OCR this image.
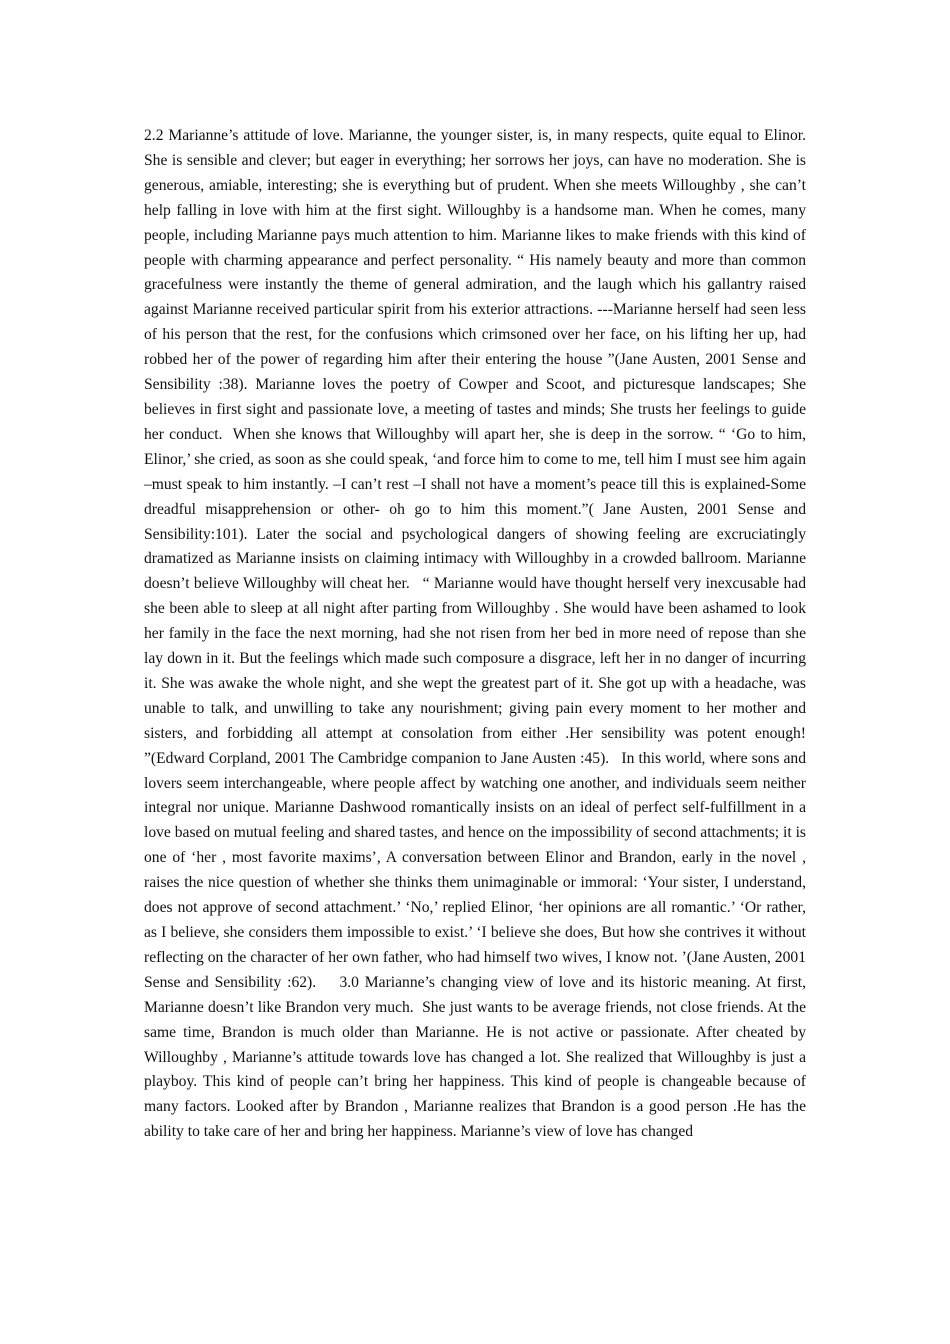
2.2 Marianne’s attitude of love. Marianne, the younger sister, is, in many respects, quite equal to Elinor. She is sensible and clever; but eager in everything; her sorrows her joys, can have no moderation. She is generous, amiable, interesting; she is everything but of prudent. When she meets Willoughby , she can’t help falling in love with him at the first sight. Willoughby is a handsome man. When he comes, many people, including Marianne pays much attention to him. Marianne likes to make friends with this kind of people with charming appearance and perfect personality. “ His namely beauty and more than common gracefulness were instantly the theme of general admiration, and the laugh which his gallantry raised against Marianne received particular spirit from his exterior attractions. ---Marianne herself had seen less of his person that the rest, for the confusions which crimsoned over her face, on his lifting her up, had robbed her of the power of regarding him after their entering the house ”(Jane Austen, 2001 Sense and Sensibility :38). Marianne loves the poetry of Cowper and Scoot, and picturesque landscapes; She believes in first sight and passionate love, a meeting of tastes and minds; She trusts her feelings to guide her conduct.  When she knows that Willoughby will apart her, she is deep in the sorrow. “ ‘Go to him, Elinor,’ she cried, as soon as she could speak, ‘and force him to come to me, tell him I must see him again –must speak to him instantly. –I can’t rest –I shall not have a moment’s peace till this is explained-Some dreadful misapprehension or other- oh go to him this moment.”( Jane Austen, 2001 Sense and Sensibility:101). Later the social and psychological dangers of showing feeling are excruciatingly dramatized as Marianne insists on claiming intimacy with Willoughby in a crowded ballroom. Marianne doesn’t believe Willoughby will cheat her.   “ Marianne would have thought herself very inexcusable had she been able to sleep at all night after parting from Willoughby . She would have been ashamed to look her family in the face the next morning, had she not risen from her bed in more need of repose than she lay down in it. But the feelings which made such composure a disgrace, left her in no danger of incurring it. She was awake the whole night, and she wept the greatest part of it. She got up with a headache, was unable to talk, and unwilling to take any nourishment; giving pain every moment to her mother and sisters, and forbidding all attempt at consolation from either .Her sensibility was potent enough! ”(Edward Corpland, 2001 The Cambridge companion to Jane Austen :45).   In this world, where sons and lovers seem interchangeable, where people affect by watching one another, and individuals seem neither integral nor unique. Marianne Dashwood romantically insists on an ideal of perfect self-fulfillment in a love based on mutual feeling and shared tastes, and hence on the impossibility of second attachments; it is one of ‘her , most favorite maxims’, A conversation between Elinor and Brandon, early in the novel , raises the nice question of whether she thinks them unimaginable or immoral: ‘Your sister, I understand, does not approve of second attachment.’ ‘No,’ replied Elinor, ‘her opinions are all romantic.’ ‘Or rather, as I believe, she considers them impossible to exist.’ ‘I believe she does, But how she contrives it without reflecting on the character of her own father, who had himself two wives, I know not. ’(Jane Austen, 2001 Sense and Sensibility :62).    3.0 Marianne’s changing view of love and its historic meaning. At first, Marianne doesn’t like Brandon very much.  She just wants to be average friends, not close friends. At the same time, Brandon is much older than Marianne. He is not active or passionate. After cheated by Willoughby , Marianne’s attitude towards love has changed a lot. She realized that Willoughby is just a playboy. This kind of people can’t bring her happiness. This kind of people is changeable because of many factors. Looked after by Brandon , Marianne realizes that Brandon is a good person .He has the ability to take care of her and bring her happiness. Marianne’s view of love has changed
